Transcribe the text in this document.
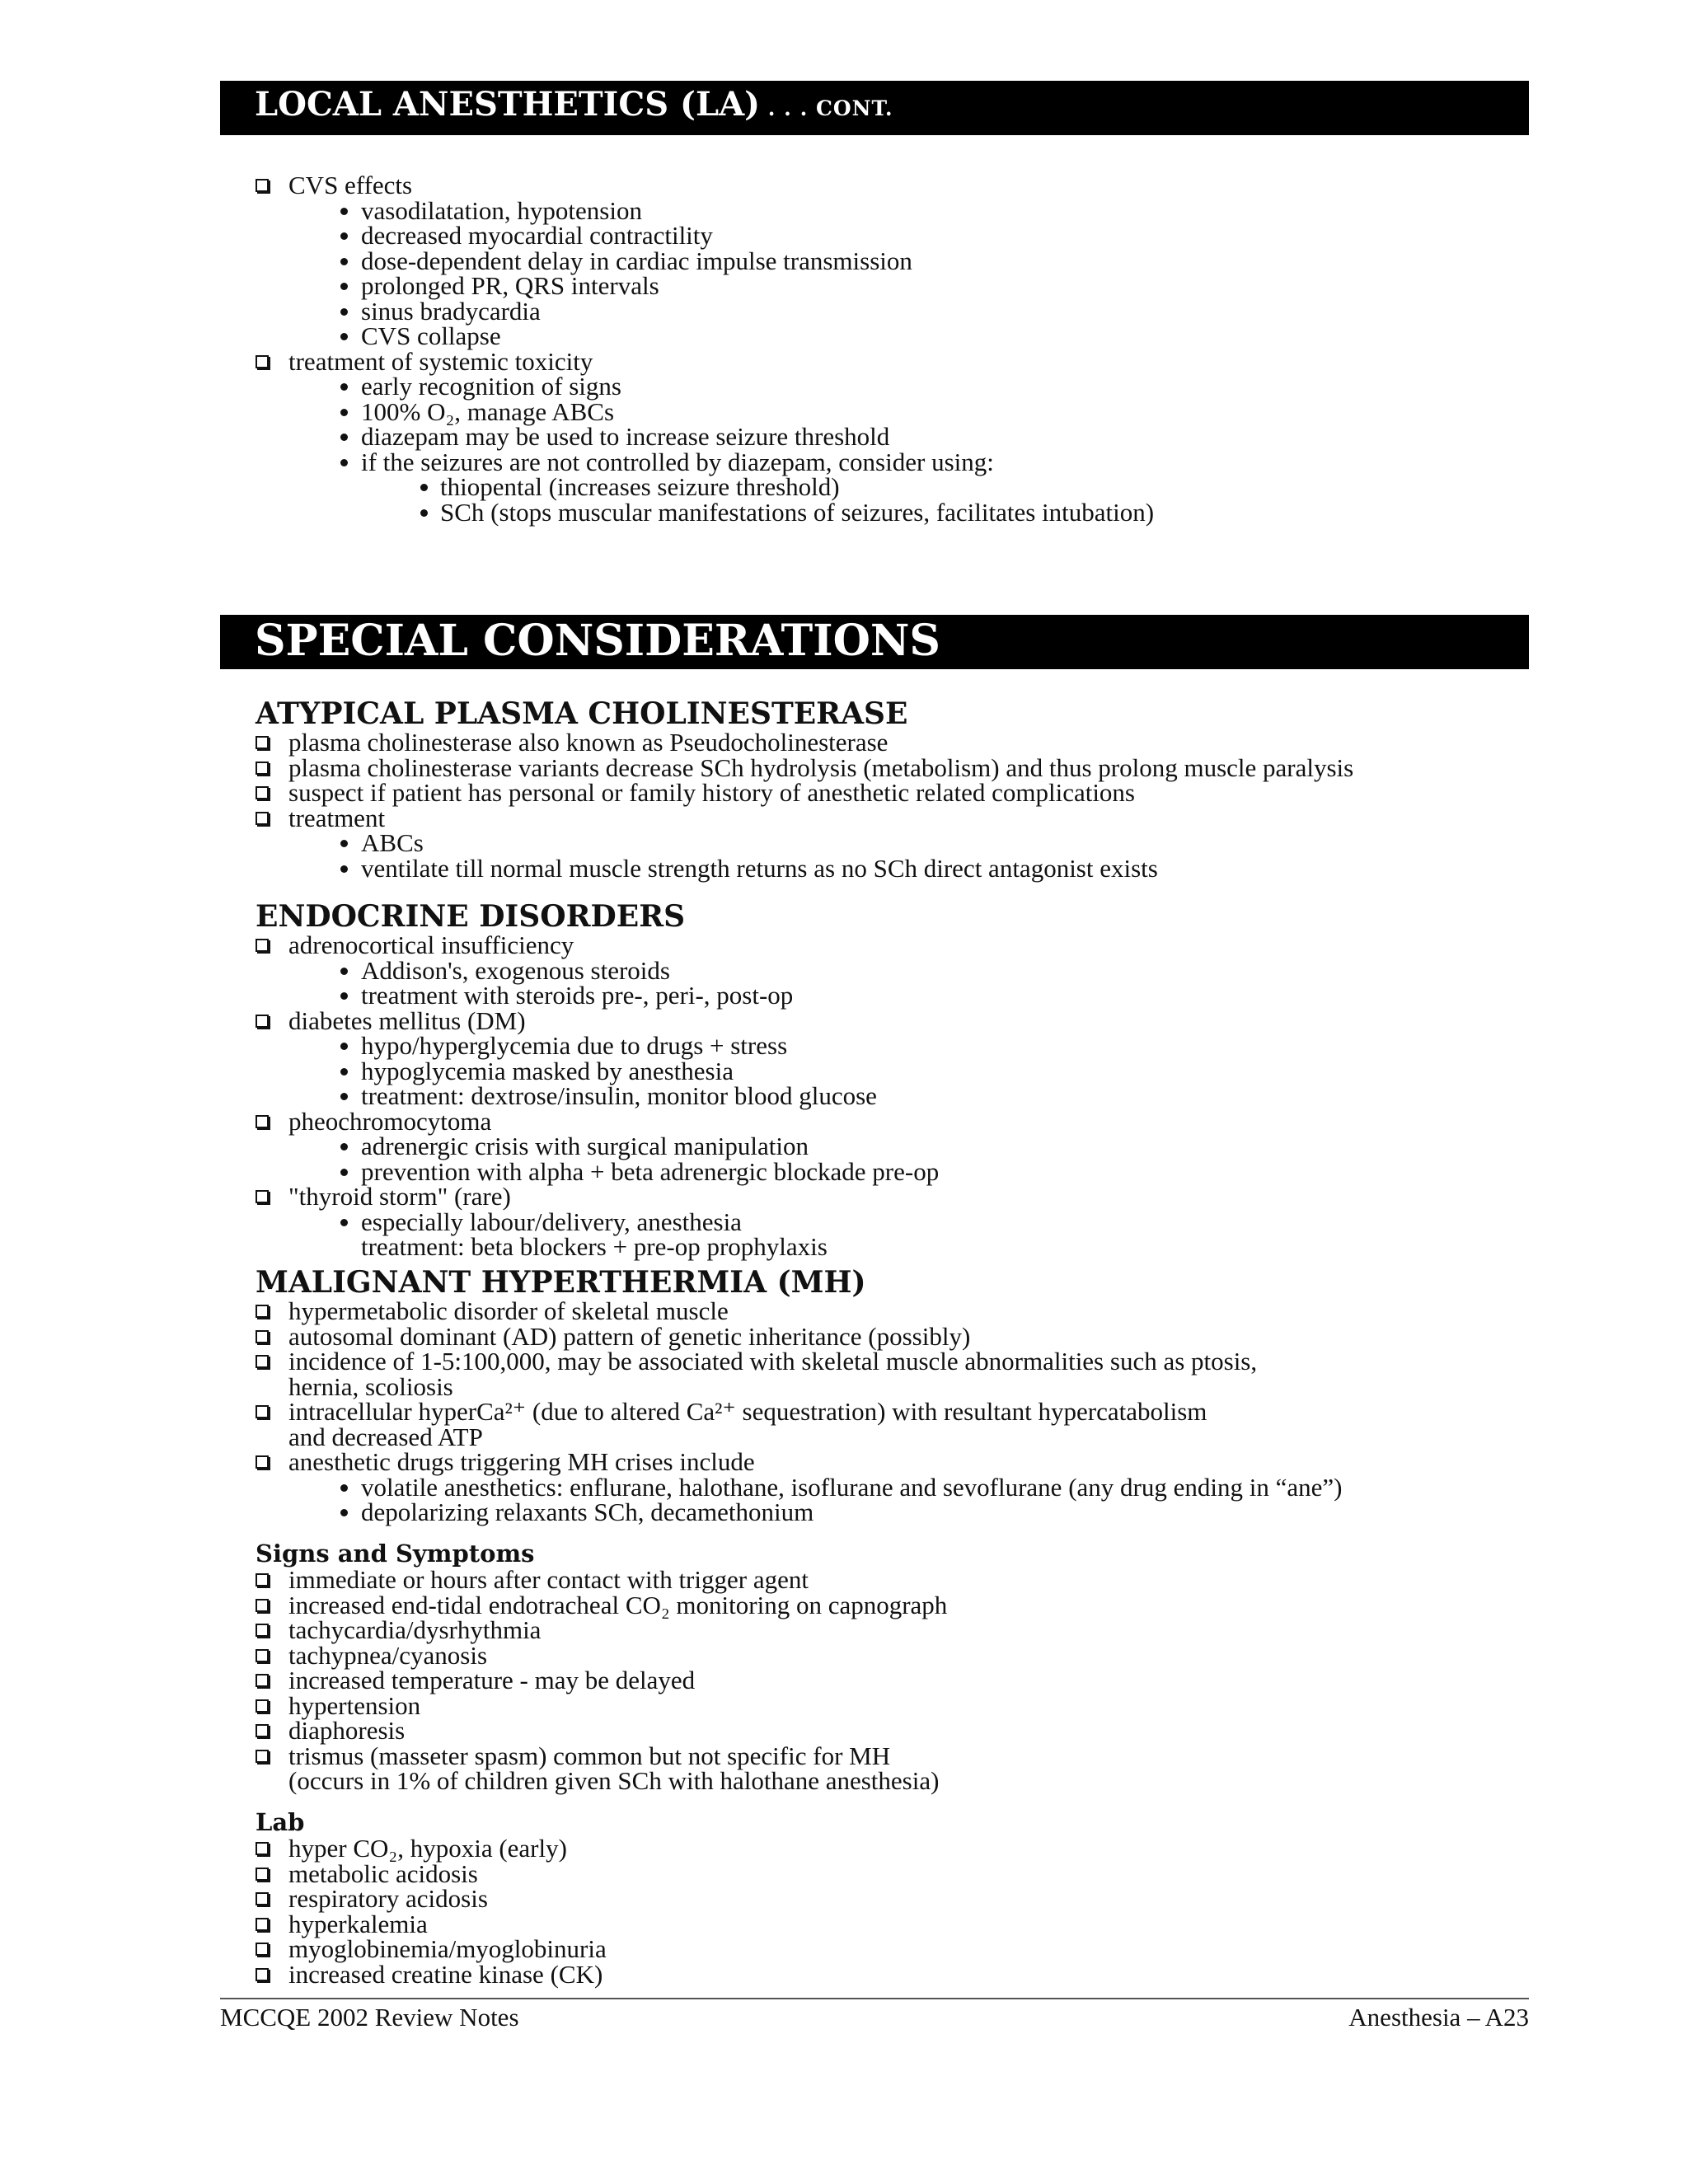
LOCAL ANESTHETICS (LA) . . . CONT.
CVS effects
vasodilatation, hypotension
decreased myocardial contractility
dose-dependent delay in cardiac impulse transmission
prolonged PR, QRS intervals
sinus bradycardia
CVS collapse
treatment of systemic toxicity
early recognition of signs
100% O₂, manage ABCs
diazepam may be used to increase seizure threshold
if the seizures are not controlled by diazepam, consider using:
thiopental (increases seizure threshold)
SCh (stops muscular manifestations of seizures, facilitates intubation)
SPECIAL CONSIDERATIONS
ATYPICAL PLASMA CHOLINESTERASE
plasma cholinesterase also known as Pseudocholinesterase
plasma cholinesterase variants decrease SCh hydrolysis (metabolism) and thus prolong muscle paralysis
suspect if patient has personal or family history of anesthetic related complications
treatment
ABCs
ventilate till normal muscle strength returns as no SCh direct antagonist exists
ENDOCRINE DISORDERS
adrenocortical insufficiency
Addison's, exogenous steroids
treatment with steroids pre-, peri-, post-op
diabetes mellitus (DM)
hypo/hyperglycemia due to drugs + stress
hypoglycemia masked by anesthesia
treatment: dextrose/insulin, monitor blood glucose
pheochromocytoma
adrenergic crisis with surgical manipulation
prevention with alpha + beta adrenergic blockade pre-op
"thyroid storm" (rare)
especially labour/delivery, anesthesia
treatment: beta blockers + pre-op prophylaxis
MALIGNANT HYPERTHERMIA (MH)
hypermetabolic disorder of skeletal muscle
autosomal dominant (AD) pattern of genetic inheritance (possibly)
incidence of 1-5:100,000, may be associated with skeletal muscle abnormalities such as ptosis,
hernia, scoliosis
intracellular hyperCa²⁺ (due to altered Ca²⁺ sequestration) with resultant hypercatabolism
and decreased ATP
anesthetic drugs triggering MH crises include
volatile anesthetics: enflurane, halothane, isoflurane and sevoflurane (any drug ending in “ane”)
depolarizing relaxants SCh, decamethonium
Signs and Symptoms
immediate or hours after contact with trigger agent
increased end-tidal endotracheal CO₂ monitoring on capnograph
tachycardia/dysrhythmia
tachypnea/cyanosis
increased temperature - may be delayed
hypertension
diaphoresis
trismus (masseter spasm) common but not specific for MH
(occurs in 1% of children given SCh with halothane anesthesia)
Lab
hyper CO₂, hypoxia (early)
metabolic acidosis
respiratory acidosis
hyperkalemia
myoglobinemia/myoglobinuria
increased creatine kinase (CK)
MCCQE 2002 Review Notes	Anesthesia – A23
